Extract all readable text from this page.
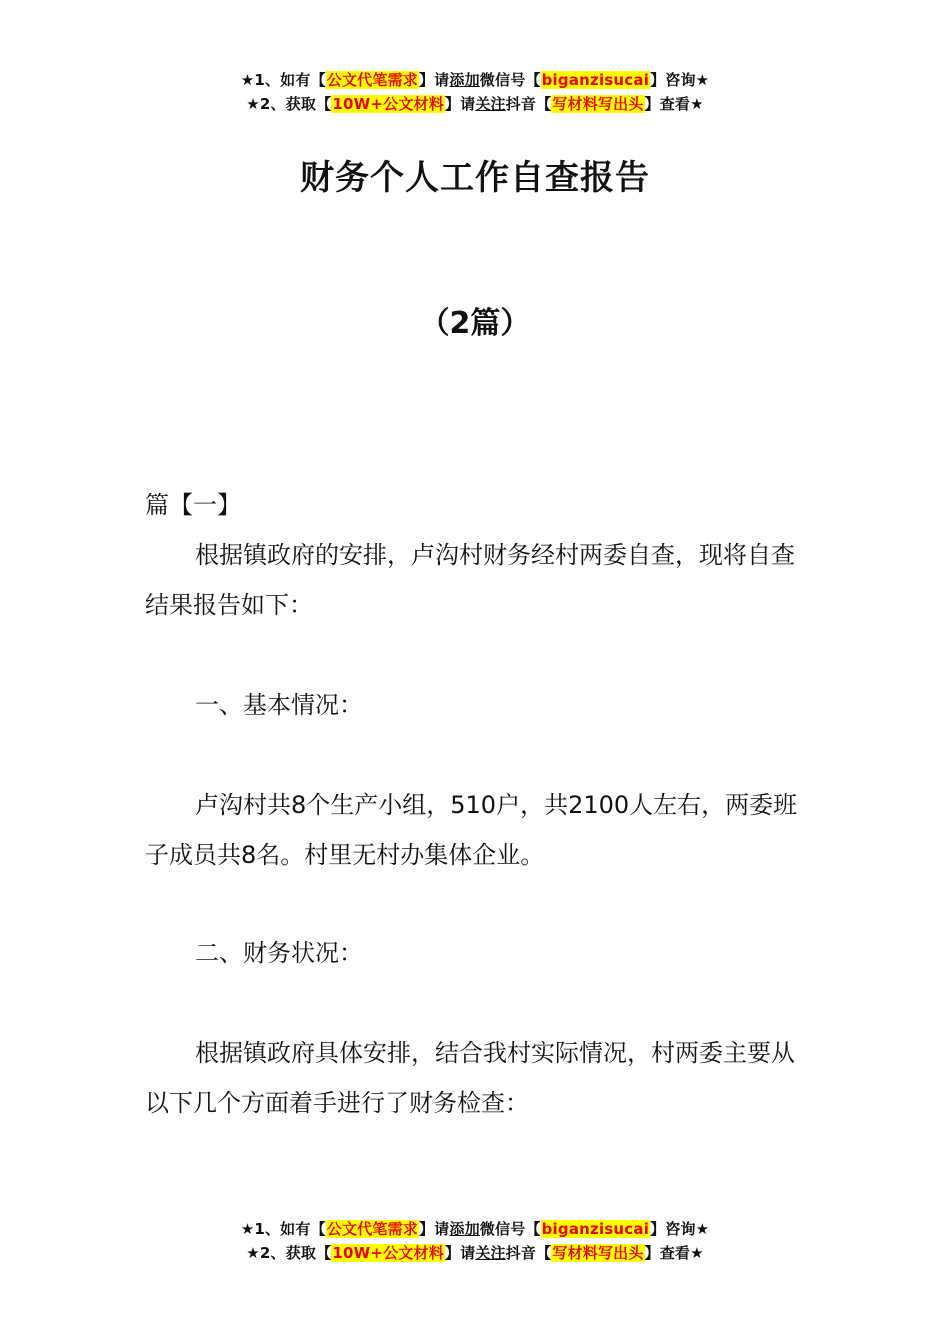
★1、如有【公文代笔需求】请添加微信号【biganzisucai】咨询★
★2、获取【10W+公文材料】请关注抖音【写材料写出头】查看★
财务个人工作自查报告
（2篇）

篇【一】

根据镇政府的安排，卢沟村财务经村两委自查，现将自查结果报告如下：

一、基本情况：

卢沟村共8个生产小组，510户，共2100人左右，两委班子成员共8名。村里无村办集体企业。

二、财务状况：

根据镇政府具体安排，结合我村实际情况，村两委主要从以下几个方面着手进行了财务检查：

★1、如有【公文代笔需求】请添加微信号【biganzisucai】咨询★
★2、获取【10W+公文材料】请关注抖音【写材料写出头】查看★
